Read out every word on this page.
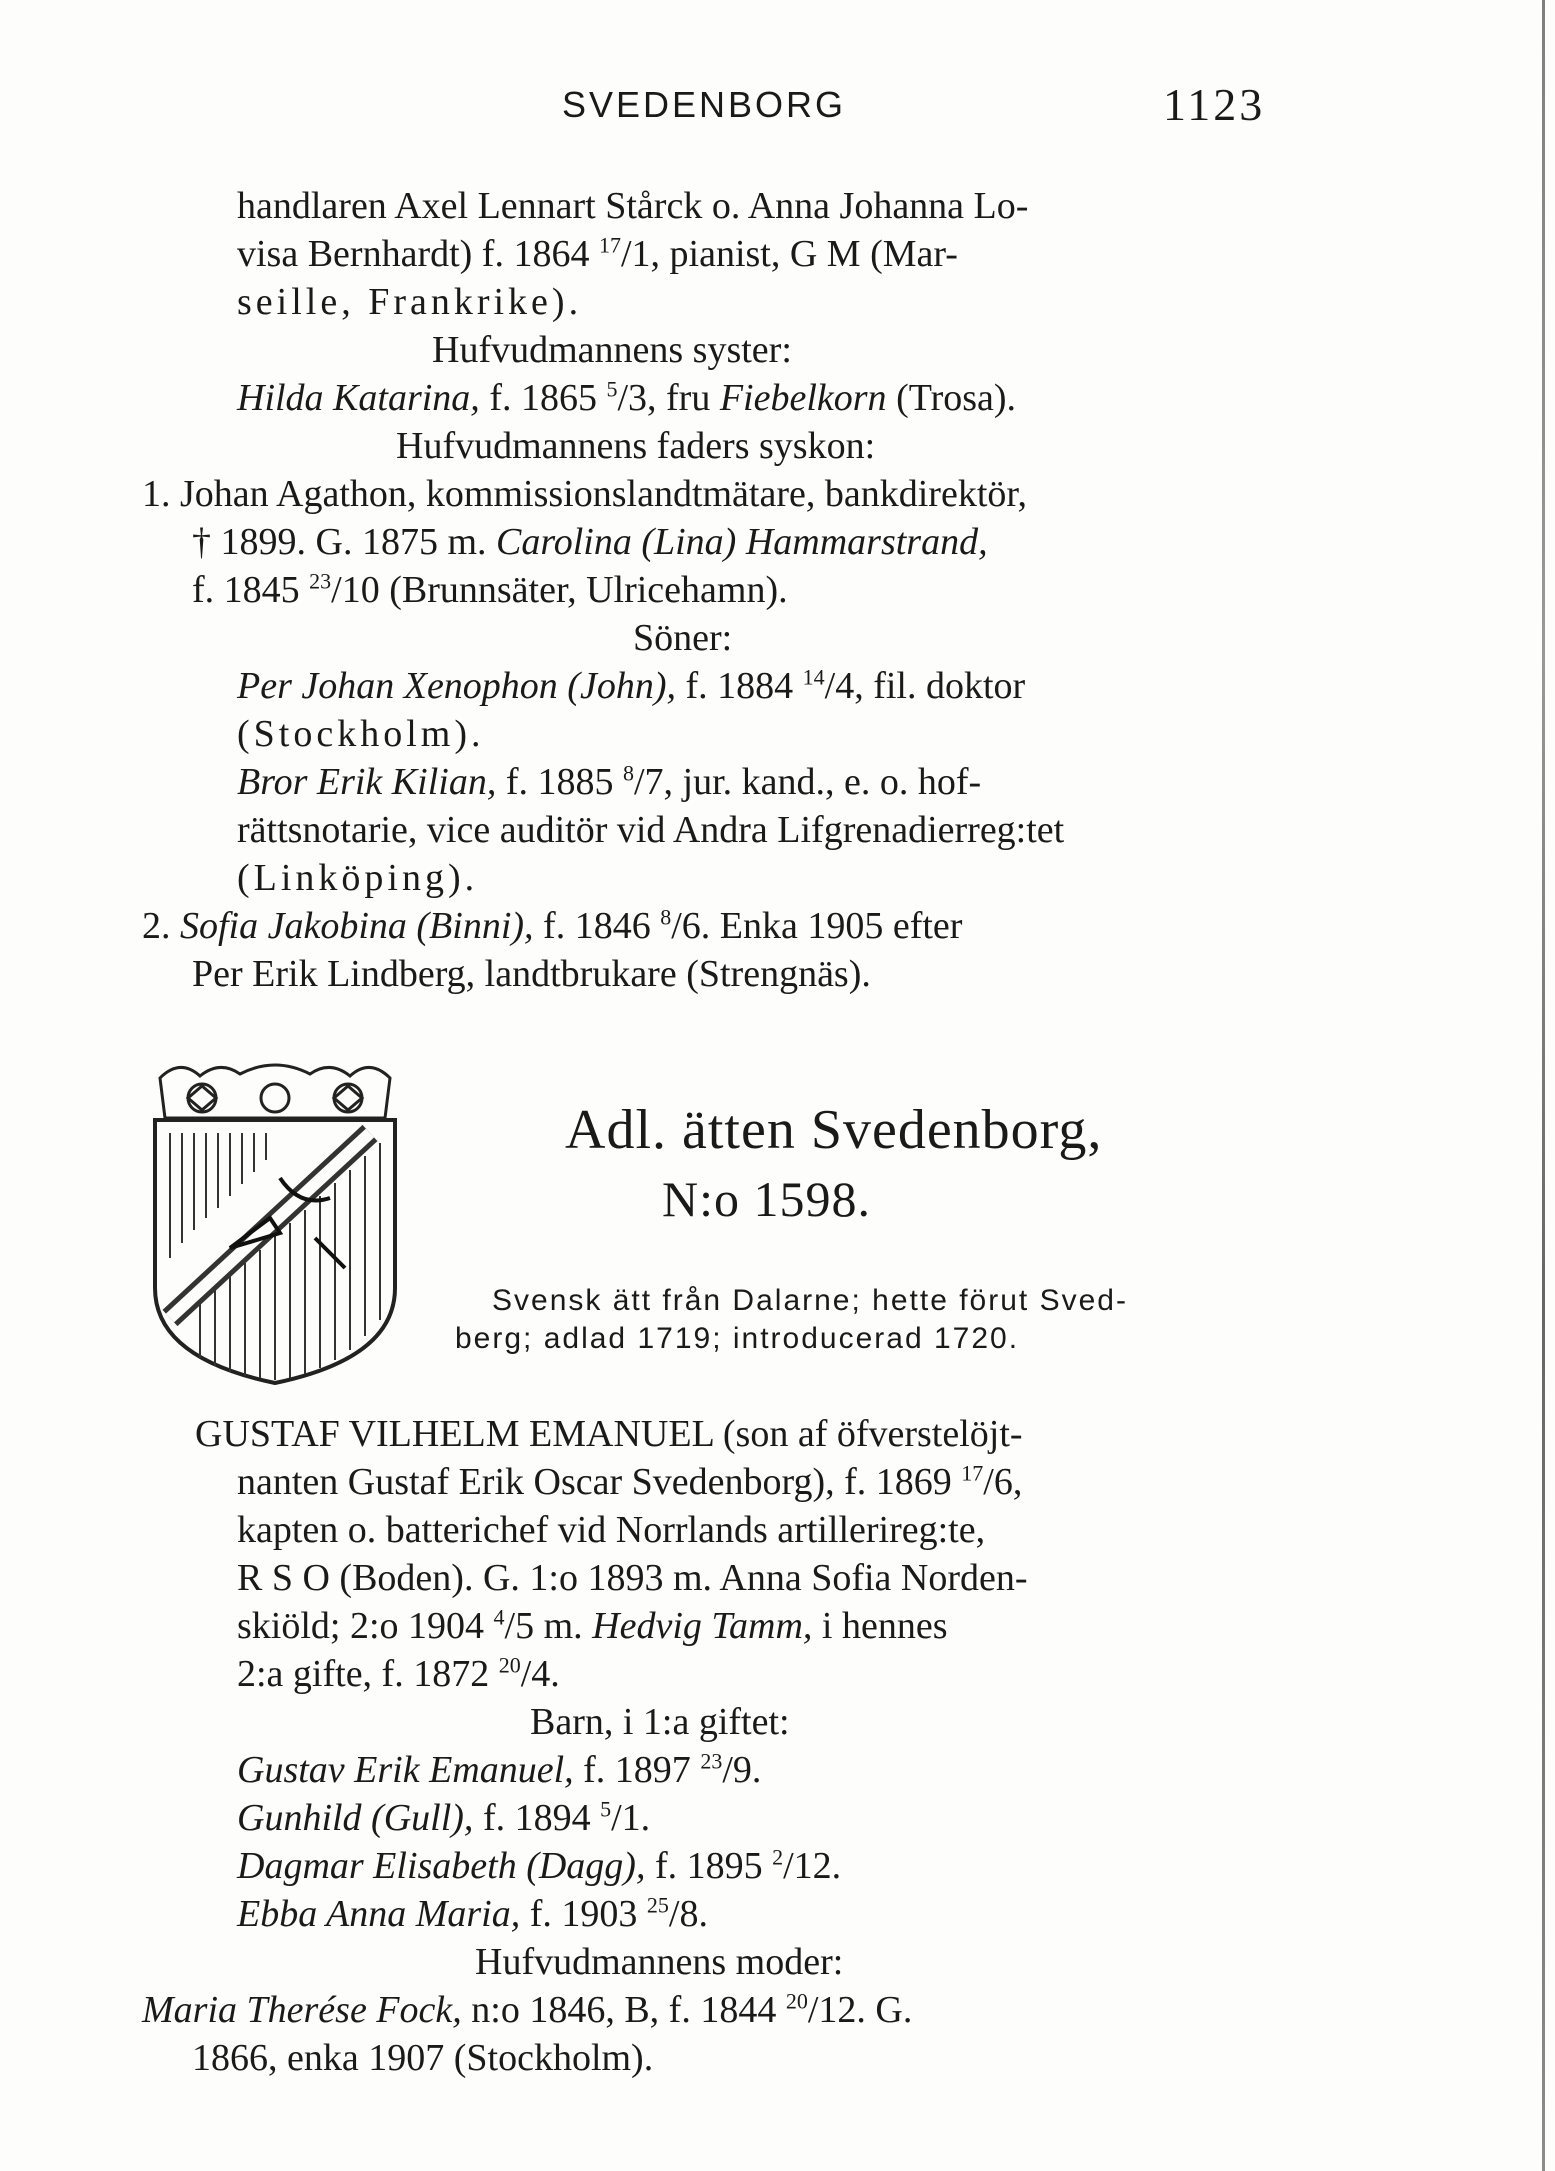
SVEDENBORG	1123
handlaren Axel Lennart Stårck o. Anna Johanna Lo-
visa Bernhardt) f. 1864 $^{17}$/1, pianist, G M (Mar-
seille, Frankrike).
Hufvudmannens syster:
Hilda Katarina, f. 1865 $^5$/3, fru Fiebelkorn (Trosa).
Hufvudmannens faders syskon:
1. Johan Agathon, kommissionslandtmätare, bankdirektör,
† 1899. G. 1875 m. Carolina (Lina) Hammarstrand,
f. 1845 $^{23}$/10 (Brunnsäter, Ulricehamn).
Söner:
Per Johan Xenophon (John), f. 1884 $^{14}$/4, fil. doktor
(Stockholm).
Bror Erik Kilian, f. 1885 $^8$/7, jur. kand., e. o. hof-
rättsnotarie, vice auditör vid Andra Lifgrenadierreg:tet
(Linköping).
2. Sofia Jakobina (Binni), f. 1846 $^8$/6. Enka 1905 efter
Per Erik Lindberg, landtbrukare (Strengnäs).
Adl. ätten Svedenborg,
N:o 1598.
Svensk ätt från Dalarne; hette förut Sved-
berg; adlad 1719; introducerad 1720.
GUSTAF VILHELM EMANUEL (son af öfverstelöjt-
nanten Gustaf Erik Oscar Svedenborg), f. 1869 $^{17}$/6,
kapten o. batterichef vid Norrlands artillerireg:te,
R S O (Boden). G. 1:o 1893 m. Anna Sofia Norden-
skiöld; 2:o 1904 $^4$/5 m. Hedvig Tamm, i hennes
2:a gifte, f. 1872 $^{20}$/4.
Barn, i 1:a giftet:
Gustav Erik Emanuel, f. 1897 $^{23}$/9.
Gunhild (Gull), f. 1894 $^5$/1.
Dagmar Elisabeth (Dagg), f. 1895 $^2$/12.
Ebba Anna Maria, f. 1903 $^{25}$/8.
Hufvudmannens moder:
Maria Therése Fock, n:o 1846, B, f. 1844 $^{20}$/12. G.
1866, enka 1907 (Stockholm).
